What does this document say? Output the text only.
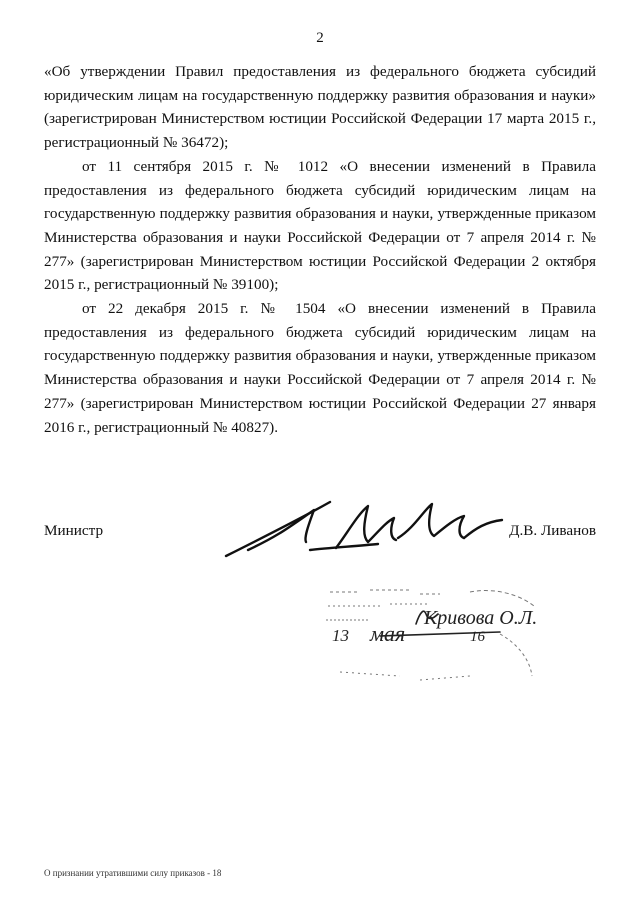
2

«Об утверждении Правил предоставления из федерального бюджета субсидий юридическим лицам на государственную поддержку развития образования и науки» (зарегистрирован Министерством юстиции Российской Федерации 17 марта 2015 г., регистрационный № 36472);

от 11 сентября 2015 г. № 1012 «О внесении изменений в Правила предоставления из федерального бюджета субсидий юридическим лицам на государственную поддержку развития образования и науки, утвержденные приказом Министерства образования и науки Российской Федерации от 7 апреля 2014 г. № 277» (зарегистрирован Министерством юстиции Российской Федерации 2 октября 2015 г., регистрационный № 39100);

от 22 декабря 2015 г. № 1504 «О внесении изменений в Правила предоставления из федерального бюджета субсидий юридическим лицам на государственную поддержку развития образования и науки, утвержденные приказом Министерства образования и науки Российской Федерации от 7 апреля 2014 г. № 277» (зарегистрирован Министерством юстиции Российской Федерации 27 января 2016 г., регистрационный № 40827).

Министр	Д.В. Ливанов
Кривова О.Л.
13 мая	16
О признании утратившими силу приказов - 18
